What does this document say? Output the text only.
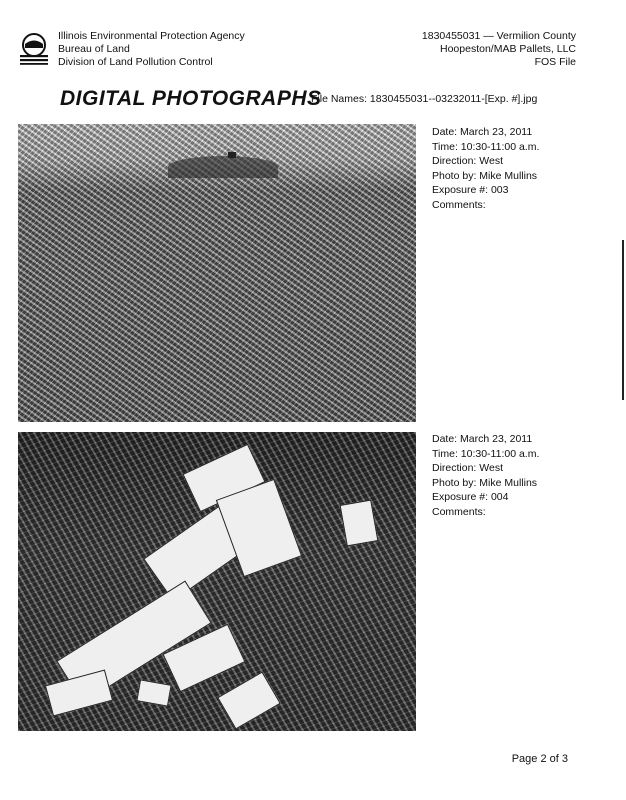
Illinois Environmental Protection Agency
Bureau of Land
Division of Land Pollution Control
1830455031 — Vermilion County
Hoopeston/MAB Pallets, LLC
FOS File
DIGITAL PHOTOGRAPHS
File Names: 1830455031--03232011-[Exp. #].jpg
Date: March 23, 2011
Time: 10:30-11:00 a.m.
Direction: West
Photo by: Mike Mullins
Exposure #: 003
Comments:
Date: March 23, 2011
Time: 10:30-11:00 a.m.
Direction: West
Photo by: Mike Mullins
Exposure #: 004
Comments:
Page 2 of 3
